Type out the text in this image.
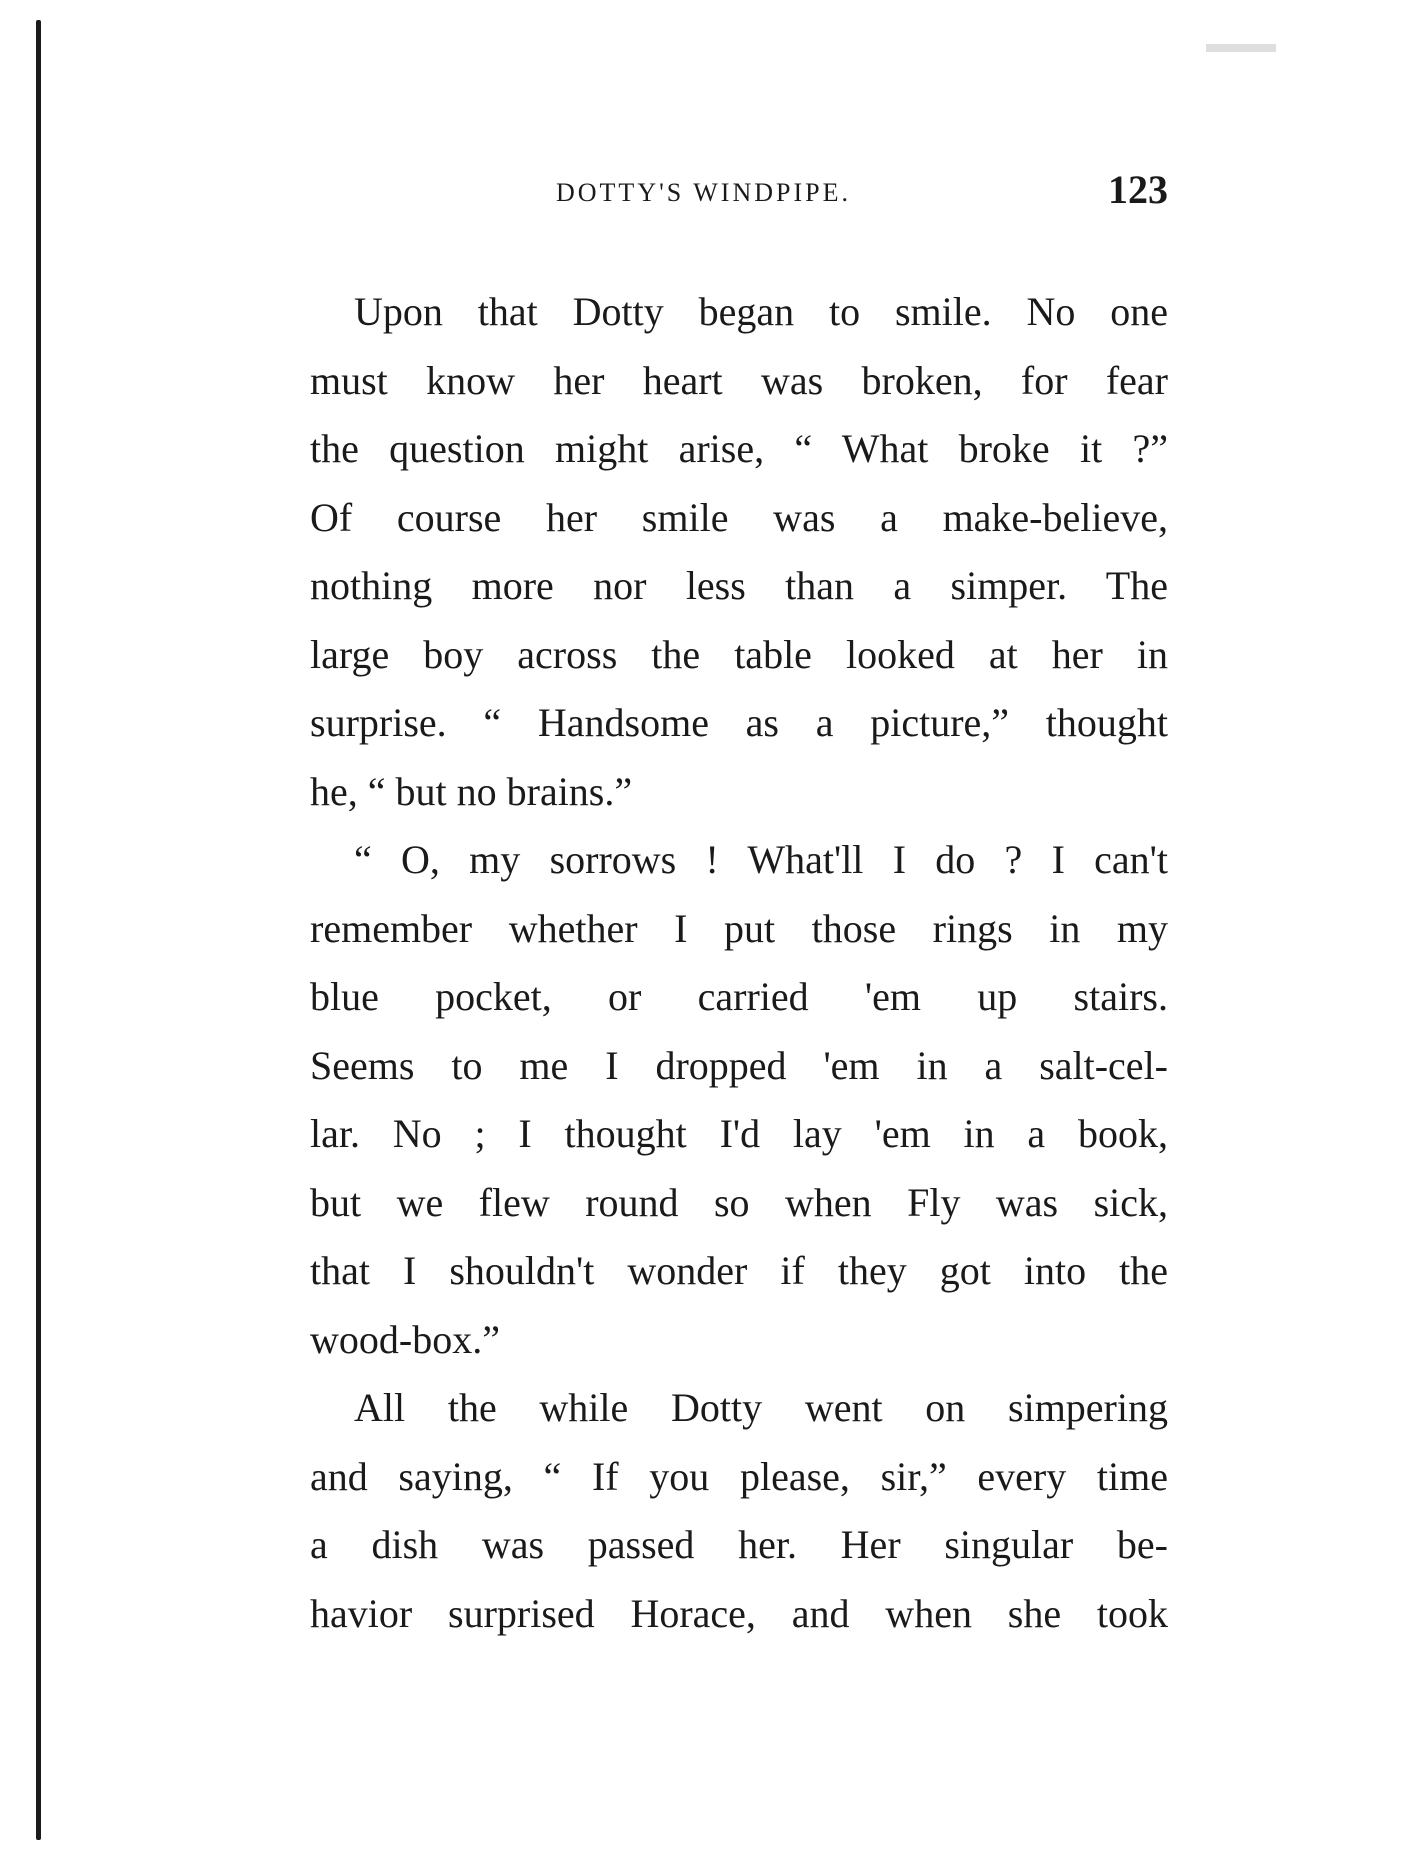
DOTTY'S WINDPIPE.	123

Upon that Dotty began to smile. No one
must know her heart was broken, for fear
the question might arise, “ What broke it ?”
Of course her smile was a make-believe,
nothing more nor less than a simper. The
large boy across the table looked at her in
surprise. “ Handsome as a picture,” thought
he, “ but no brains.”

“ O, my sorrows ! What'll I do ? I can't
remember whether I put those rings in my
blue pocket, or carried 'em up stairs.
Seems to me I dropped 'em in a salt-cel-
lar. No ; I thought I'd lay 'em in a book,
but we flew round so when Fly was sick,
that I shouldn't wonder if they got into the
wood-box.”

All the while Dotty went on simpering
and saying, “ If you please, sir,” every time
a dish was passed her. Her singular be-
havior surprised Horace, and when she took
